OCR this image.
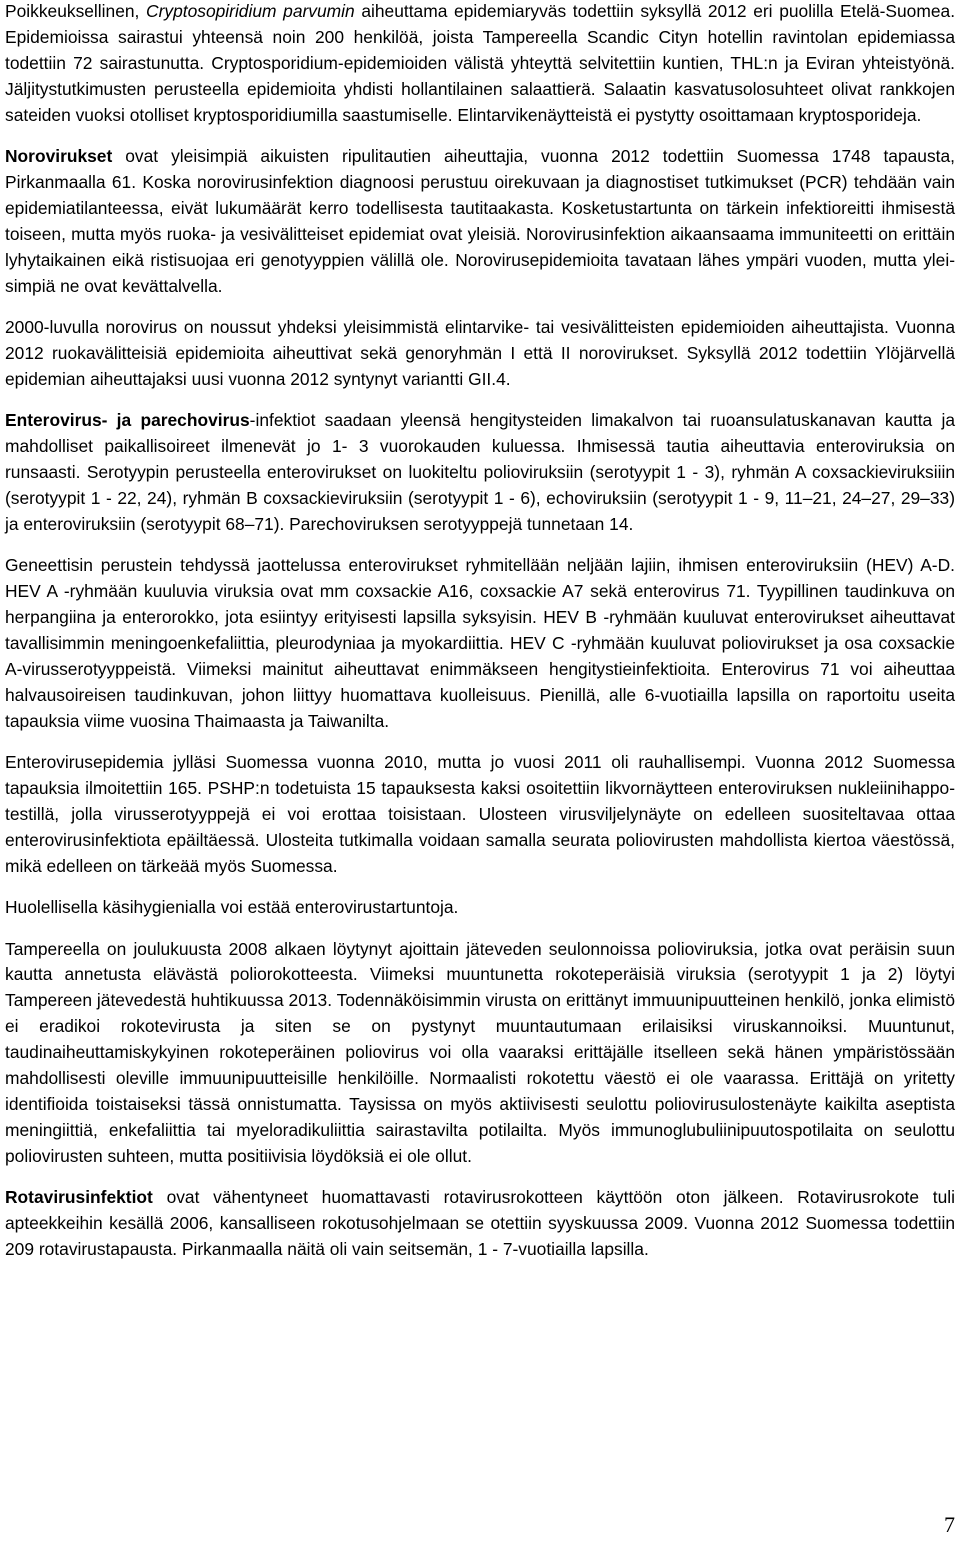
Poikkeuksellinen, Cryptosopiridium parvumin aiheuttama epidemiaryväs todettiin syksyllä 2012 eri puolilla Etelä-Suomea. Epidemioissa sairastui yhteensä noin 200 henkilöä, joista Tampereella Scandic Cityn hotellin ravintolan epidemiassa todettiin 72 sairastunutta. Cryptosporidium-epidemioiden välistä yhteyttä selvitettiin kuntien, THL:n ja Eviran yhteistyönä. Jäljitystutkimusten perusteella epidemioita yhdisti hollantilainen salaattierä. Salaatin kasvatusolosuhteet olivat rankkojen sateiden vuoksi otolliset kryptosporidiumilla saastumiselle. Elintarvikenäytteistä ei pystytty osoittamaan kryptosporideja.

Norovirukset ovat yleisimpiä aikuisten ripulitautien aiheuttajia, vuonna 2012 todettiin Suomessa 1748 tapausta, Pirkanmaalla 61. Koska norovirusinfektion diagnoosi perustuu oirekuvaan ja diagnostiset tutkimukset (PCR) tehdään vain epidemiatilanteessa, eivät lukumäärät kerro todellisesta tautitaakasta. Kosketustartunta on tärkein infektioreitti ihmisestä toiseen, mutta myös ruoka- ja vesivälitteiset epidemiat ovat yleisiä. Norovirusinfektion aikaansaama immuniteetti on erittäin lyhytaikainen eikä ristisuojaa eri genotyyppien välillä ole. Norovirusepidemioita tavataan lähes ympäri vuoden, mutta yleisimpiä ne ovat kevättalvella.

2000-luvulla norovirus on noussut yhdeksi yleisimmistä elintarvike- tai vesivälitteisten epidemioiden aiheuttajista. Vuonna 2012 ruokavälitteisiä epidemioita aiheuttivat sekä genoryhmän I että II norovirukset. Syksyllä 2012 todettiin Ylöjärvellä epidemian aiheuttajaksi uusi vuonna 2012 syntynyt variantti GII.4.

Enterovirus- ja parechovirus-infektiot saadaan yleensä hengitysteiden limakalvon tai ruoansulatuskanavan kautta ja mahdolliset paikallisoireet ilmenevät jo 1- 3 vuorokauden kuluessa. Ihmisessä tautia aiheuttavia enteroviruksia on runsaasti. Serotyypin perusteella enterovirukset on luokiteltu polioviruksiin (serotyypit 1 - 3), ryhmän A coxsackieviruksiiin (serotyypit 1 - 22, 24), ryhmän B coxsackieviruksiin (serotyypit 1 - 6), echoviruksiin (serotyypit 1 - 9, 11–21, 24–27, 29–33) ja enteroviruksiin (serotyypit 68–71). Parechoviruksen serotyyppejä tunnetaan 14.

Geneettisin perustein tehdyssä jaottelussa enterovirukset ryhmitellään neljään lajiin, ihmisen enteroviruksiin (HEV) A-D. HEV A -ryhmään kuuluvia viruksia ovat mm coxsackie A16, coxsackie A7 sekä enterovirus 71. Tyypillinen taudinkuva on herpangiina ja enterorokko, jota esiintyy erityisesti lapsilla syksyisin. HEV B -ryhmään kuuluvat enterovirukset aiheuttavat tavallisimmin meningoenkefaliittia, pleurodyniaa ja myokardiittia. HEV C -ryhmään kuuluvat poliovirukset ja osa coxsackie A-virusserotyyppeistä. Viimeksi mainitut aiheuttavat enimmäkseen hengitystieinfektioita. Enterovirus 71 voi aiheuttaa halvausoireisen taudinkuvan, johon liittyy huomattava kuolleisuus. Pienillä, alle 6-vuotiailla lapsilla on raportoitu useita tapauksia viime vuosina Thaimaasta ja Taiwanilta.

Enterovirusepidemia jylläsi Suomessa vuonna 2010, mutta jo vuosi 2011 oli rauhallisempi. Vuonna 2012 Suomessa tapauksia ilmoitettiin 165. PSHP:n todetuista 15 tapauksesta kaksi osoitettiin likvornäytteen enteroviruksen nukleiinihappo-testillä, jolla virusserotyyppejä ei voi erottaa toisistaan. Ulosteen virusviljelynäyte on edelleen suositeltavaa ottaa enterovirusinfektiota epäiltäessä. Ulosteita tutkimalla voidaan samalla seurata poliovirusten mahdollista kiertoa väestössä, mikä edelleen on tärkeää myös Suomessa.

Huolellisella käsihygienialla voi estää enterovirustartuntoja.

Tampereella on joulukuusta 2008 alkaen löytynyt ajoittain jäteveden seulonnoissa polioviruksia, jotka ovat peräisin suun kautta annetusta elävästä poliorokotteesta. Viimeksi muuntunetta rokoteperäisiä viruksia (serotyypit 1 ja 2) löytyi Tampereen jätevedestä huhtikuussa 2013. Todennäköisimmin virusta on erittänyt immuunipuutteinen henkilö, jonka elimistö ei eradikoi rokotevirusta ja siten se on pystynyt muuntautumaan erilaisiksi viruskannoiksi. Muuntunut, taudinaiheuttamiskykyinen rokoteperäinen poliovirus voi olla vaaraksi erittäjälle itselleen sekä hänen ympäristössään mahdollisesti oleville immuunipuutteisille henkilöille. Normaalisti rokotettu väestö ei ole vaarassa. Erittäjä on yritetty identifioida toistaiseksi tässä onnistumatta. Taysissa on myös aktiivisesti seulottu poliovirusulostenäyte kaikilta aseptista meningiittiä, enkefaliittia tai myeloradikuliittia sairastavilta potilailta. Myös immunoglubuliinipuutospotilaita on seulottu poliovirusten suhteen, mutta positiivisia löydöksiä ei ole ollut.

Rotavirusinfektiot ovat vähentyneet huomattavasti rotavirusrokotteen käyttöön oton jälkeen. Rotavirusrokote tuli apteekkeihin kesällä 2006, kansalliseen rokotusohjelmaan se otettiin syyskuussa 2009. Vuonna 2012 Suomessa todettiin 209 rotavirustapausta. Pirkanmaalla näitä oli vain seitsemän, 1 - 7-vuotiailla lapsilla.

7
